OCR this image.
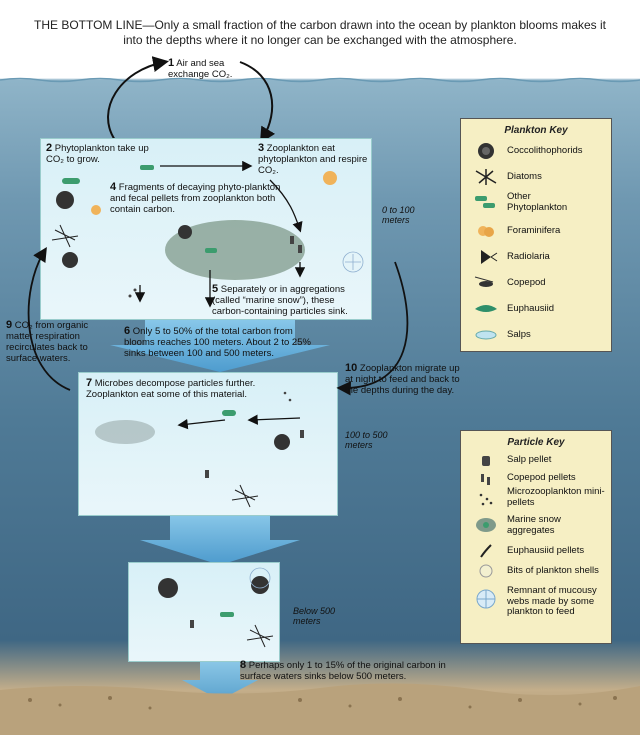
THE BOTTOM LINE—Only a small fraction of the carbon drawn into the ocean by plankton blooms makes it into the depths where it no longer can be exchanged with the atmosphere.
1 Air and sea exchange CO₂.
2 Phytoplankton take up CO₂ to grow.
3 Zooplankton eat phytoplankton and respire CO₂.
4 Fragments of decaying phyto-plankton and fecal pellets from zooplankton both contain carbon.
5 Separately or in aggregations (called “marine snow”), these carbon-containing particles sink.
6 Only 5 to 50% of the total carbon from blooms reaches 100 meters. About 2 to 25% sinks between 100 and 500 meters.
7 Microbes decompose particles further. Zooplankton eat some of this material.
8 Perhaps only 1 to 15% of the original carbon in surface waters sinks below 500 meters.
9 CO₂ from organic matter respiration recirculates back to surface waters.
10 Zooplankton migrate up at night to feed and back to the depths during the day.
0 to 100 meters
100 to 500 meters
Below 500 meters
Plankton Key
Coccolithophorids
Diatoms
Other Phytoplankton
Foraminifera
Radiolaria
Copepod
Euphausiid
Salps
Particle Key
Salp pellet
Copepod pellets
Microzooplankton mini-pellets
Marine snow aggregates
Euphausiid pellets
Bits of plankton shells
Remnant of mucousy webs made by some plankton to feed
